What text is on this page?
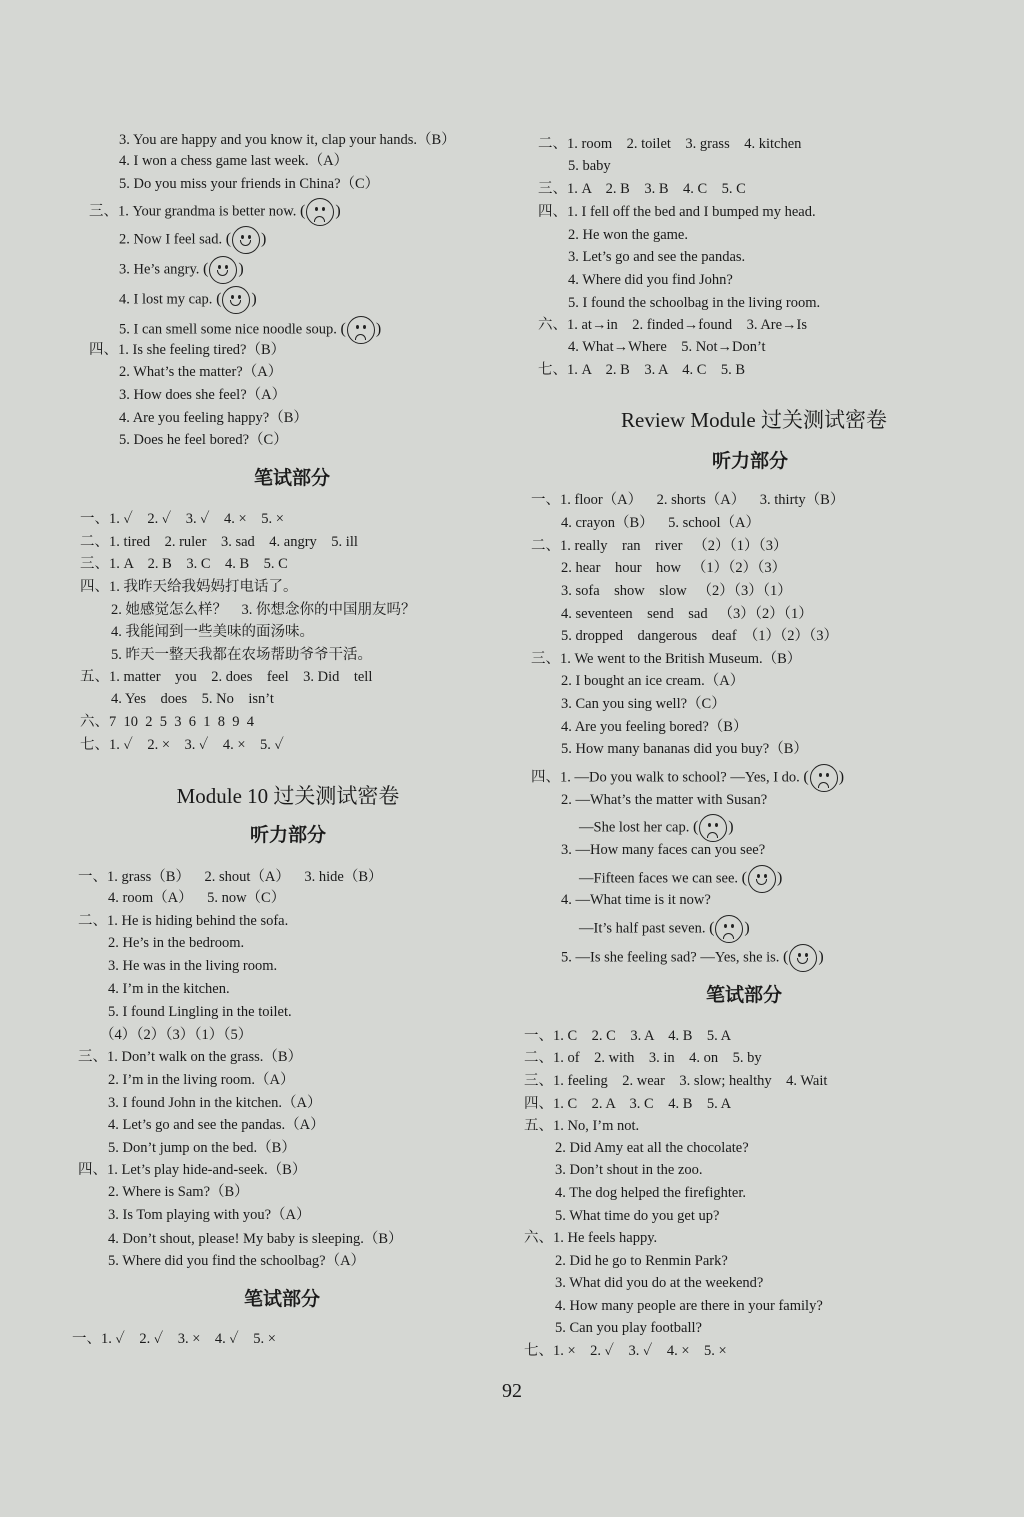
3. You are happy and you know it, clap your hands.（B）
4. I won a chess game last week.（A）
5. Do you miss your friends in China?（C）
三、1. Your grandma is better now. ( )
2. Now I feel sad. ( )
3. He’s angry. ( )
4. I lost my cap. ( )
5. I can smell some nice noodle soup. ( )
四、1. Is she feeling tired?（B）
2. What’s the matter?（A）
3. How does she feel?（A）
4. Are you feeling happy?（B）
5. Does he feel bored?（C）
笔试部分
一、1. ✓    2. ✓    3. ✓    4. ×    5. ×
二、1. tired    2. ruler    3. sad    4. angry    5. ill
三、1. A    2. B    3. C    4. B    5. C
四、1. 我昨天给我妈妈打电话了。
2. 她感觉怎么样？    3. 你想念你的中国朋友吗？
4. 我能闻到一些美味的面汤味。
5. 昨天一整天我都在农场帮助爷爷干活。
五、1. matter    you    2. does    feel    3. Did    tell
4. Yes    does    5. No    isn’t
六、7  10  2  5  3  6  1  8  9  4
七、1. ✓    2. ×    3. ✓    4. ×    5. ✓
Module 10 过关测试密卷
听力部分
一、1. grass（B）    2. shout（A）    3. hide（B）
4. room（A）    5. now（C）
二、1. He is hiding behind the sofa.
2. He’s in the bedroom.
3. He was in the living room.
4. I’m in the kitchen.
5. I found Lingling in the toilet.
（4）（2）（3）（1）（5）
三、1. Don’t walk on the grass.（B）
2. I’m in the living room.（A）
3. I found John in the kitchen.（A）
4. Let’s go and see the pandas.（A）
5. Don’t jump on the bed.（B）
四、1. Let’s play hide-and-seek.（B）
2. Where is Sam?（B）
3. Is Tom playing with you?（A）
4. Don’t shout, please! My baby is sleeping.（B）
5. Where did you find the schoolbag?（A）
笔试部分
一、1. ✓    2. ✓    3. ×    4. ✓    5. ×
二、1. room    2. toilet    3. grass    4. kitchen
5. baby
三、1. A    2. B    3. B    4. C    5. C
四、1. I fell off the bed and I bumped my head.
2. He won the game.
3. Let’s go and see the pandas.
4. Where did you find John?
5. I found the schoolbag in the living room.
六、1. at→in    2. finded→found    3. Are→Is
4. What→Where    5. Not→Don’t
七、1. A    2. B    3. A    4. C    5. B
Review Module 过关测试密卷
听力部分
一、1. floor（A）    2. shorts（A）    3. thirty（B）
4. crayon（B）    5. school（A）
二、1. really    ran    river   （2）（1）（3）
2. hear    hour    how   （1）（2）（3）
3. sofa    show    slow   （2）（3）（1）
4. seventeen    send    sad   （3）（2）（1）
5. dropped    dangerous    deaf  （1）（2）（3）
三、1. We went to the British Museum.（B）
2. I bought an ice cream.（A）
3. Can you sing well?（C）
4. Are you feeling bored?（B）
5. How many bananas did you buy?（B）
四、1. —Do you walk to school? —Yes, I do. ( )
2. —What’s the matter with Susan?
—She lost her cap. ( )
3. —How many faces can you see?
—Fifteen faces we can see. ( )
4. —What time is it now?
—It’s half past seven. ( )
5. —Is she feeling sad? —Yes, she is. ( )
笔试部分
一、1. C    2. C    3. A    4. B    5. A
二、1. of    2. with    3. in    4. on    5. by
三、1. feeling    2. wear    3. slow; healthy    4. Wait
四、1. C    2. A    3. C    4. B    5. A
五、1. No, I’m not.
2. Did Amy eat all the chocolate?
3. Don’t shout in the zoo.
4. The dog helped the firefighter.
5. What time do you get up?
六、1. He feels happy.
2. Did he go to Renmin Park?
3. What did you do at the weekend?
4. How many people are there in your family?
5. Can you play football?
七、1. ×    2. ✓    3. ✓    4. ×    5. ×
92
